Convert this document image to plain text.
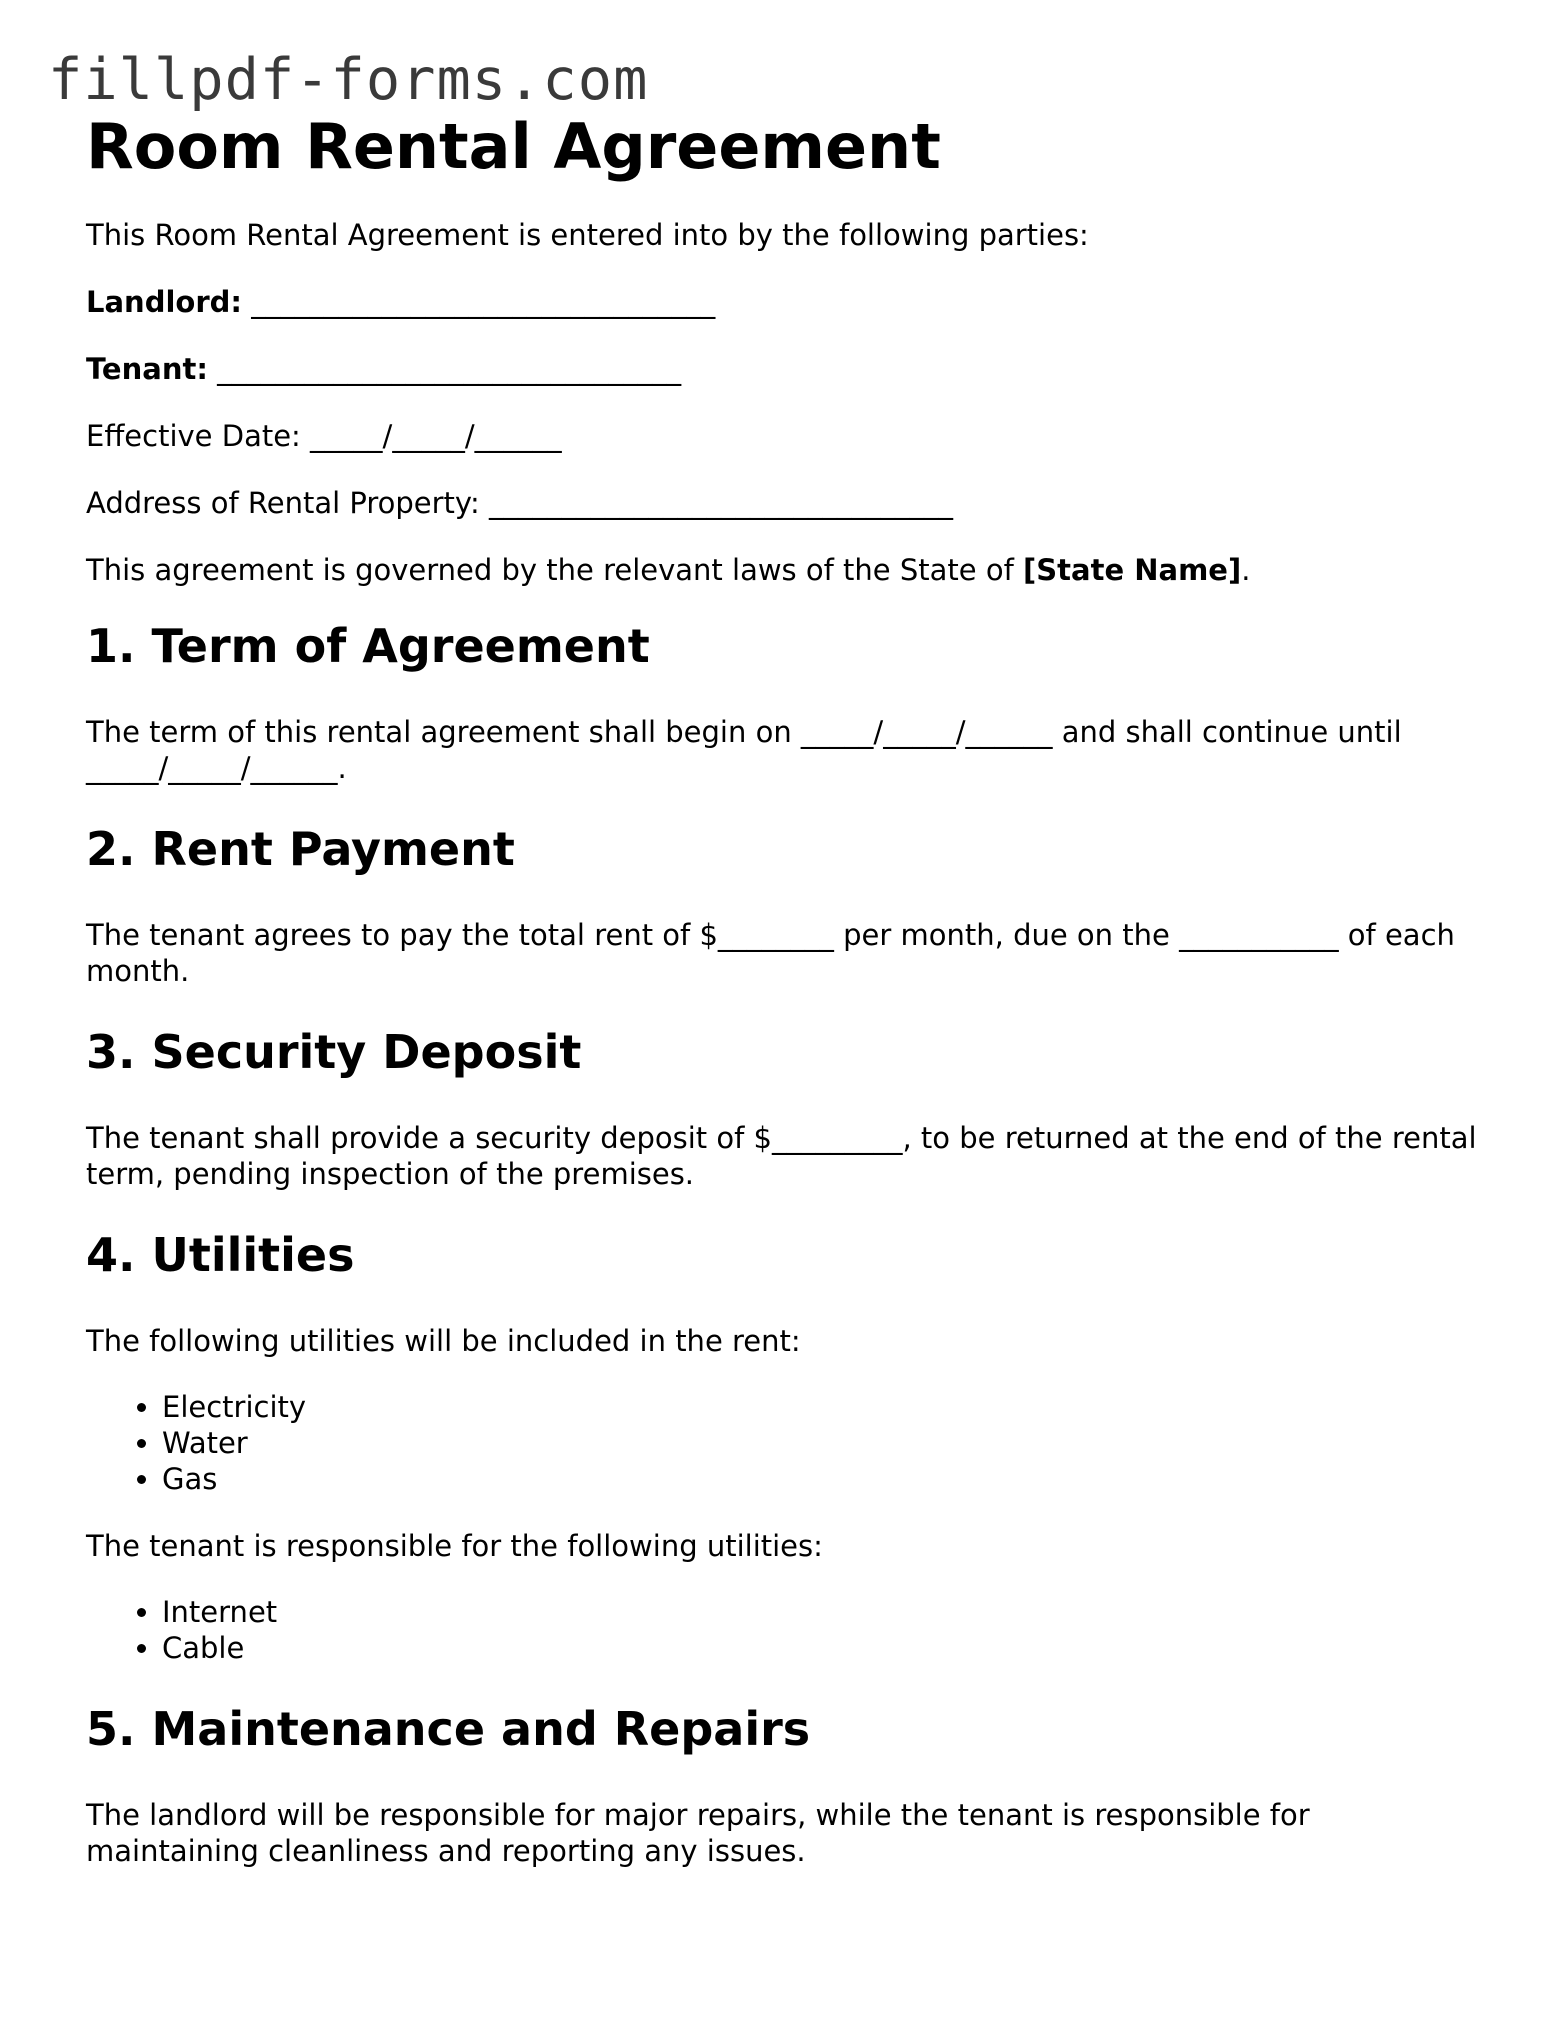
fillpdf-forms.com
Room Rental Agreement

This Room Rental Agreement is entered into by the following parties:

Landlord: ________________________________

Tenant: ________________________________

Effective Date: _____/_____/______

Address of Rental Property: ________________________________

This agreement is governed by the relevant laws of the State of [State Name].

1. Term of Agreement

The term of this rental agreement shall begin on _____/_____/______ and shall continue until _____/_____/______.

2. Rent Payment

The tenant agrees to pay the total rent of $________ per month, due on the ___________ of each month.

3. Security Deposit

The tenant shall provide a security deposit of $_________, to be returned at the end of the rental term, pending inspection of the premises.

4. Utilities

The following utilities will be included in the rent:

• Electricity
• Water
• Gas

The tenant is responsible for the following utilities:

• Internet
• Cable
5. Maintenance and Repairs

The landlord will be responsible for major repairs, while the tenant is responsible for maintaining cleanliness and reporting any issues.
